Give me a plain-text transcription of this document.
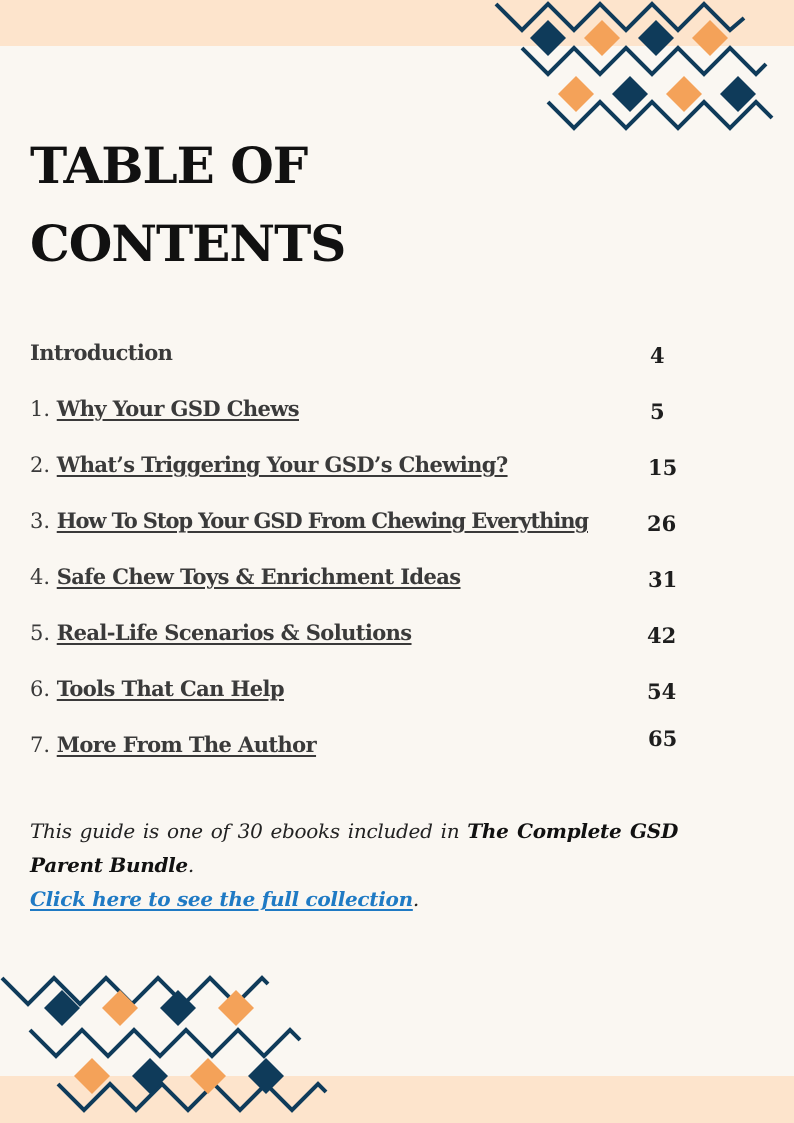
TABLE OF
CONTENTS
Introduction	4
1. Why Your GSD Chews	5
2. What’s Triggering Your GSD’s Chewing?	15
3. How To Stop Your GSD From Chewing Everything	26
4. Safe Chew Toys & Enrichment Ideas	31
5. Real-Life Scenarios & Solutions	42
6. Tools That Can Help	54
7. More From The Author	65

This guide is one of 30 ebooks included in The Complete GSD Parent Bundle.
Click here to see the full collection.
